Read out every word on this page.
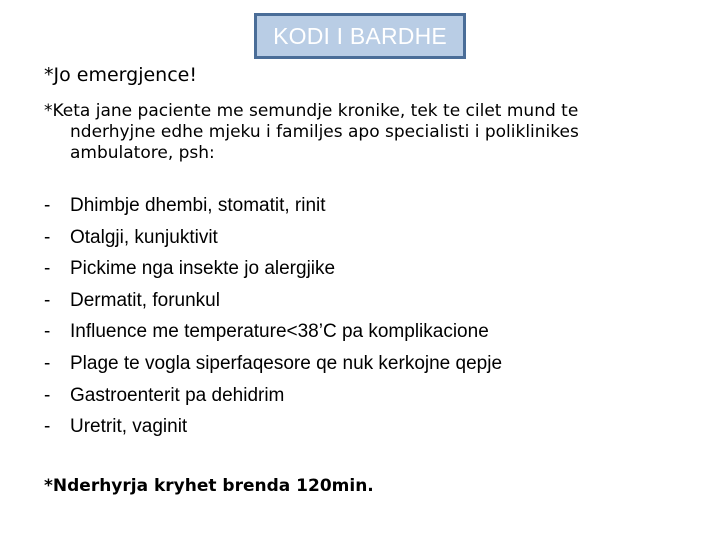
KODI I BARDHE
*Jo emergjence!
*Keta jane paciente me semundje kronike, tek te cilet mund te
nderhyjne edhe mjeku i familjes apo specialisti i poliklinikes
ambulatore, psh:
- Dhimbje dhembi, stomatit, rinit
- Otalgji, kunjuktivit
- Pickime nga insekte jo alergjike
- Dermatit, forunkul
- Influence me temperature<38’C pa komplikacione
- Plage te vogla siperfaqesore qe nuk kerkojne qepje
- Gastroenterit pa dehidrim
- Uretrit, vaginit
*Nderhyrja kryhet brenda 120min.
